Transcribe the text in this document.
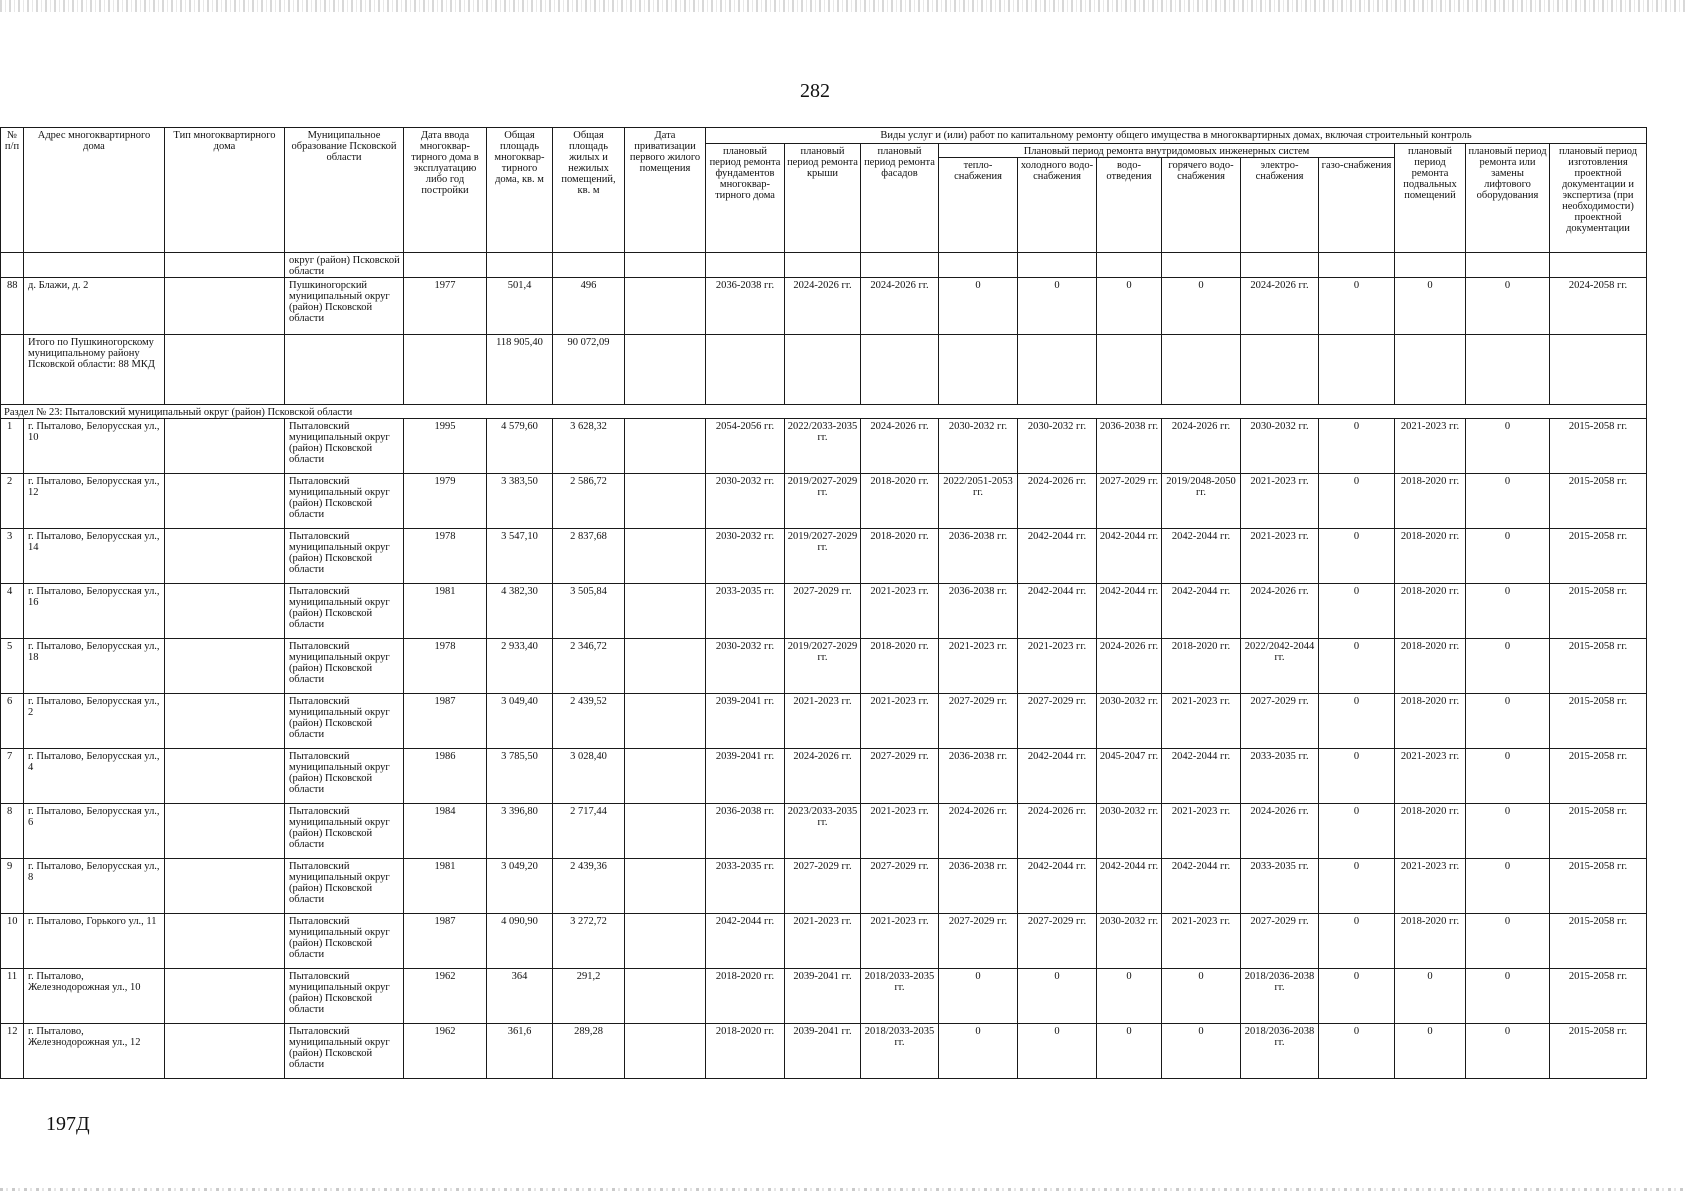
282
№ п/п	Адрес многоквартирного дома	Тип многоквартирного дома	Муниципальное образование Псковской области	Дата ввода многоквар-тирного дома в эксплуатацию либо год постройки	Общая площадь многоквар-тирного дома, кв. м	Общая площадь жилых и нежилых помещений, кв. м	Дата приватизации первого жилого помещения	Виды услуг и (или) работ по капитальному ремонту общего имущества в многоквартирных домах, включая строительный контроль											
								плановый период ремонта фундаментов многоквар-тирного дома	плановый период ремонта крыши	плановый период ремонта фасадов	Плановый период ремонта внутридомовых инженерных систем						плановый период ремонта подвальных помещений	плановый период ремонта или замены лифтового оборудования	плановый период изготовления проектной документации и экспертиза (при необходимости) проектной документации
											тепло-снабжения	холодного водо-снабжения	водо-отведения	горячего водо-снабжения	электро-снабжения	газо-снабжения			
			округ (район) Псковской области																
88	д. Блажи, д. 2		Пушкиногорский муниципальный округ (район) Псковской области	1977	501,4	496		2036-2038 гг.	2024-2026 гг.	2024-2026 гг.	0	0	0	0	2024-2026 гг.	0	0	0	2024-2058 гг.
	Итого по Пушкиногорскому муниципальному району Псковской области: 88 МКД				118 905,40	90 072,09													
Раздел № 23: Пыталовский муниципальный округ (район) Псковской области																			
1	г. Пыталово, Белорусская ул., 10		Пыталовский муниципальный округ (район) Псковской области	1995	4 579,60	3 628,32		2054-2056 гг.	2022/2033-2035 гг.	2024-2026 гг.	2030-2032 гг.	2030-2032 гг.	2036-2038 гг.	2024-2026 гг.	2030-2032 гг.	0	2021-2023 гг.	0	2015-2058 гг.
2	г. Пыталово, Белорусская ул., 12		Пыталовский муниципальный округ (район) Псковской области	1979	3 383,50	2 586,72		2030-2032 гг.	2019/2027-2029 гг.	2018-2020 гг.	2022/2051-2053 гг.	2024-2026 гг.	2027-2029 гг.	2019/2048-2050 гг.	2021-2023 гг.	0	2018-2020 гг.	0	2015-2058 гг.
3	г. Пыталово, Белорусская ул., 14		Пыталовский муниципальный округ (район) Псковской области	1978	3 547,10	2 837,68		2030-2032 гг.	2019/2027-2029 гг.	2018-2020 гг.	2036-2038 гг.	2042-2044 гг.	2042-2044 гг.	2042-2044 гг.	2021-2023 гг.	0	2018-2020 гг.	0	2015-2058 гг.
4	г. Пыталово, Белорусская ул., 16		Пыталовский муниципальный округ (район) Псковской области	1981	4 382,30	3 505,84		2033-2035 гг.	2027-2029 гг.	2021-2023 гг.	2036-2038 гг.	2042-2044 гг.	2042-2044 гг.	2042-2044 гг.	2024-2026 гг.	0	2018-2020 гг.	0	2015-2058 гг.
5	г. Пыталово, Белорусская ул., 18		Пыталовский муниципальный округ (район) Псковской области	1978	2 933,40	2 346,72		2030-2032 гг.	2019/2027-2029 гг.	2018-2020 гг.	2021-2023 гг.	2021-2023 гг.	2024-2026 гг.	2018-2020 гг.	2022/2042-2044 гг.	0	2018-2020 гг.	0	2015-2058 гг.
6	г. Пыталово, Белорусская ул., 2		Пыталовский муниципальный округ (район) Псковской области	1987	3 049,40	2 439,52		2039-2041 гг.	2021-2023 гг.	2021-2023 гг.	2027-2029 гг.	2027-2029 гг.	2030-2032 гг.	2021-2023 гг.	2027-2029 гг.	0	2018-2020 гг.	0	2015-2058 гг.
7	г. Пыталово, Белорусская ул., 4		Пыталовский муниципальный округ (район) Псковской области	1986	3 785,50	3 028,40		2039-2041 гг.	2024-2026 гг.	2027-2029 гг.	2036-2038 гг.	2042-2044 гг.	2045-2047 гг.	2042-2044 гг.	2033-2035 гг.	0	2021-2023 гг.	0	2015-2058 гг.
8	г. Пыталово, Белорусская ул., 6		Пыталовский муниципальный округ (район) Псковской области	1984	3 396,80	2 717,44		2036-2038 гг.	2023/2033-2035 гг.	2021-2023 гг.	2024-2026 гг.	2024-2026 гг.	2030-2032 гг.	2021-2023 гг.	2024-2026 гг.	0	2018-2020 гг.	0	2015-2058 гг.
9	г. Пыталово, Белорусская ул., 8		Пыталовский муниципальный округ (район) Псковской области	1981	3 049,20	2 439,36		2033-2035 гг.	2027-2029 гг.	2027-2029 гг.	2036-2038 гг.	2042-2044 гг.	2042-2044 гг.	2042-2044 гг.	2033-2035 гг.	0	2021-2023 гг.	0	2015-2058 гг.
10	г. Пыталово, Горького ул., 11		Пыталовский муниципальный округ (район) Псковской области	1987	4 090,90	3 272,72		2042-2044 гг.	2021-2023 гг.	2021-2023 гг.	2027-2029 гг.	2027-2029 гг.	2030-2032 гг.	2021-2023 гг.	2027-2029 гг.	0	2018-2020 гг.	0	2015-2058 гг.
11	г. Пыталово, Железнодорожная ул., 10		Пыталовский муниципальный округ (район) Псковской области	1962	364	291,2		2018-2020 гг.	2039-2041 гг.	2018/2033-2035 гг.	0	0	0	0	2018/2036-2038 гг.	0	0	0	2015-2058 гг.
12	г. Пыталово, Железнодорожная ул., 12		Пыталовский муниципальный округ (район) Псковской области	1962	361,6	289,28		2018-2020 гг.	2039-2041 гг.	2018/2033-2035 гг.	0	0	0	0	2018/2036-2038 гг.	0	0	0	2015-2058 гг.
197Д
